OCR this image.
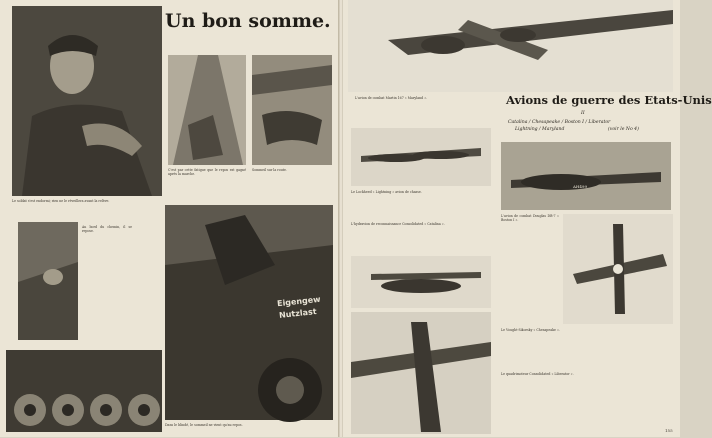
Un bon somme.
Le soldat s'est endormi; rien ne le réveillera avant la relève.
C'est par cette fatigue que le repos est gagné après la marche.
Sommeil sur la route.
Au bord du chemin, il se repose.
Eigengew
Nutzlast
Dans le blindé, le sommeil ne vient qu'au repos.
L'avion de combat Martin 167 « Maryland ».	Avions de guerre des Etats-Unis
II
Catalina / Chesapeake / Boston I / Liberator
Lightning / Maryland	(voir le No 4)
Le Lockheed « Lightning » avion de chasse.
AH499
L'hydravion de reconnaissance Consolidated « Catalina ».
L'avion de combat Douglas DB-7 « Boston I ».
Le Vought-Sikorsky « Chesapeake ».
Le quadrimoteur Consolidated « Liberator ».
155
